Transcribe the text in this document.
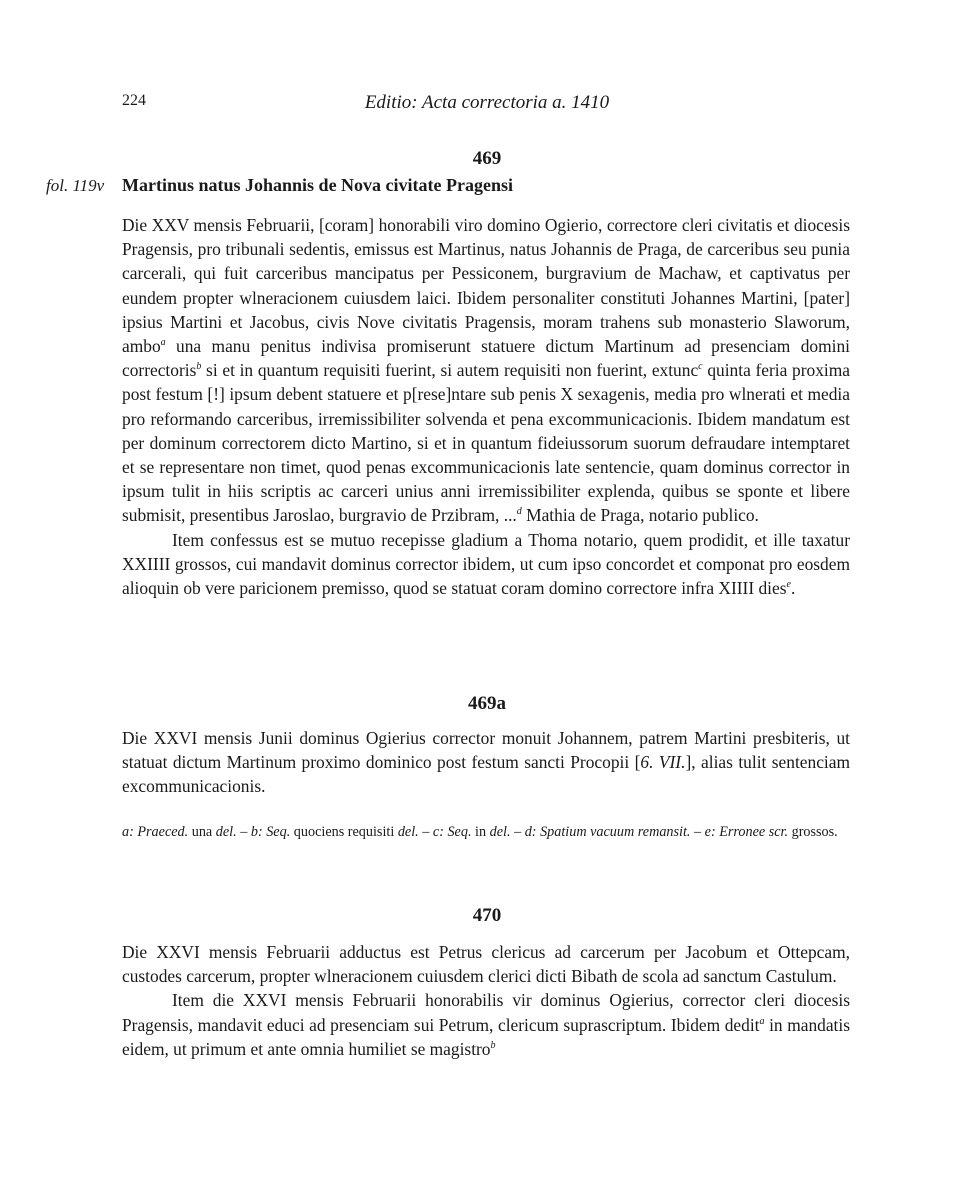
224	Editio: Acta correctoria a. 1410
469
fol. 119v Martinus natus Johannis de Nova civitate Pragensi

Die XXV mensis Februarii, [coram] honorabili viro domino Ogierio, correctore cleri civitatis et diocesis Pragensis, pro tribunali sedentis, emissus est Martinus, natus Johannis de Praga, de carceribus seu punia carcerali, qui fuit carceribus mancipatus per Pessiconem, burgravium de Machaw, et captivatus per eundem propter wlneracionem cuiusdem laici. Ibidem personaliter constituti Johannes Martini, [pater] ipsius Martini et Jacobus, civis Nove civitatis Pragensis, moram trahens sub monasterio Slaworum, ambo$^a$ una manu penitus indivisa promiserunt statuere dictum Martinum ad presenciam domini correctoris$^b$ si et in quantum requisiti fuerint, si autem requisiti non fuerint, extunc$^c$ quinta feria proxima post festum [!] ipsum debent statuere et p[rese]ntare sub penis X sexagenis, media pro wlnerati et media pro reformando carceribus, irremissibiliter solvenda et pena excommunicacionis. Ibidem mandatum est per dominum correctorem dicto Martino, si et in quantum fideiussorum suorum defraudare intemptaret et se representare non timet, quod penas excommunicacionis late sentencie, quam dominus corrector in ipsum tulit in hiis scriptis ac carceri unius anni irremissibiliter explenda, quibus se sponte et libere submisit, presentibus Jaroslao, burgravio de Przibram, ...$^d$ Mathia de Praga, notario publico.

Item confessus est se mutuo recepisse gladium a Thoma notario, quem prodidit, et ille taxatur XXIIII grossos, cui mandavit dominus corrector ibidem, ut cum ipso concordet et componat pro eosdem alioquin ob vere paricionem premisso, quod se statuat coram domino correctore infra XIIII dies$^e$.

469a

Die XXVI mensis Junii dominus Ogierius corrector monuit Johannem, patrem Martini presbiteris, ut statuat dictum Martinum proximo dominico post festum sancti Procopii [6. VII.], alias tulit sentenciam excommunicacionis.

a: Praeced. una del. – b: Seq. quociens requisiti del. – c: Seq. in del. – d: Spatium vacuum remansit. – e: Erronee scr. grossos.
470

Die XXVI mensis Februarii adductus est Petrus clericus ad carcerum per Jacobum et Ottepcam, custodes carcerum, propter wlneracionem cuiusdem clerici dicti Bibath de scola ad sanctum Castulum.

Item die XXVI mensis Februarii honorabilis vir dominus Ogierius, corrector cleri diocesis Pragensis, mandavit educi ad presenciam sui Petrum, clericum suprascriptum. Ibidem dedit$^a$ in mandatis eidem, ut primum et ante omnia humiliet se magistro$^b$
